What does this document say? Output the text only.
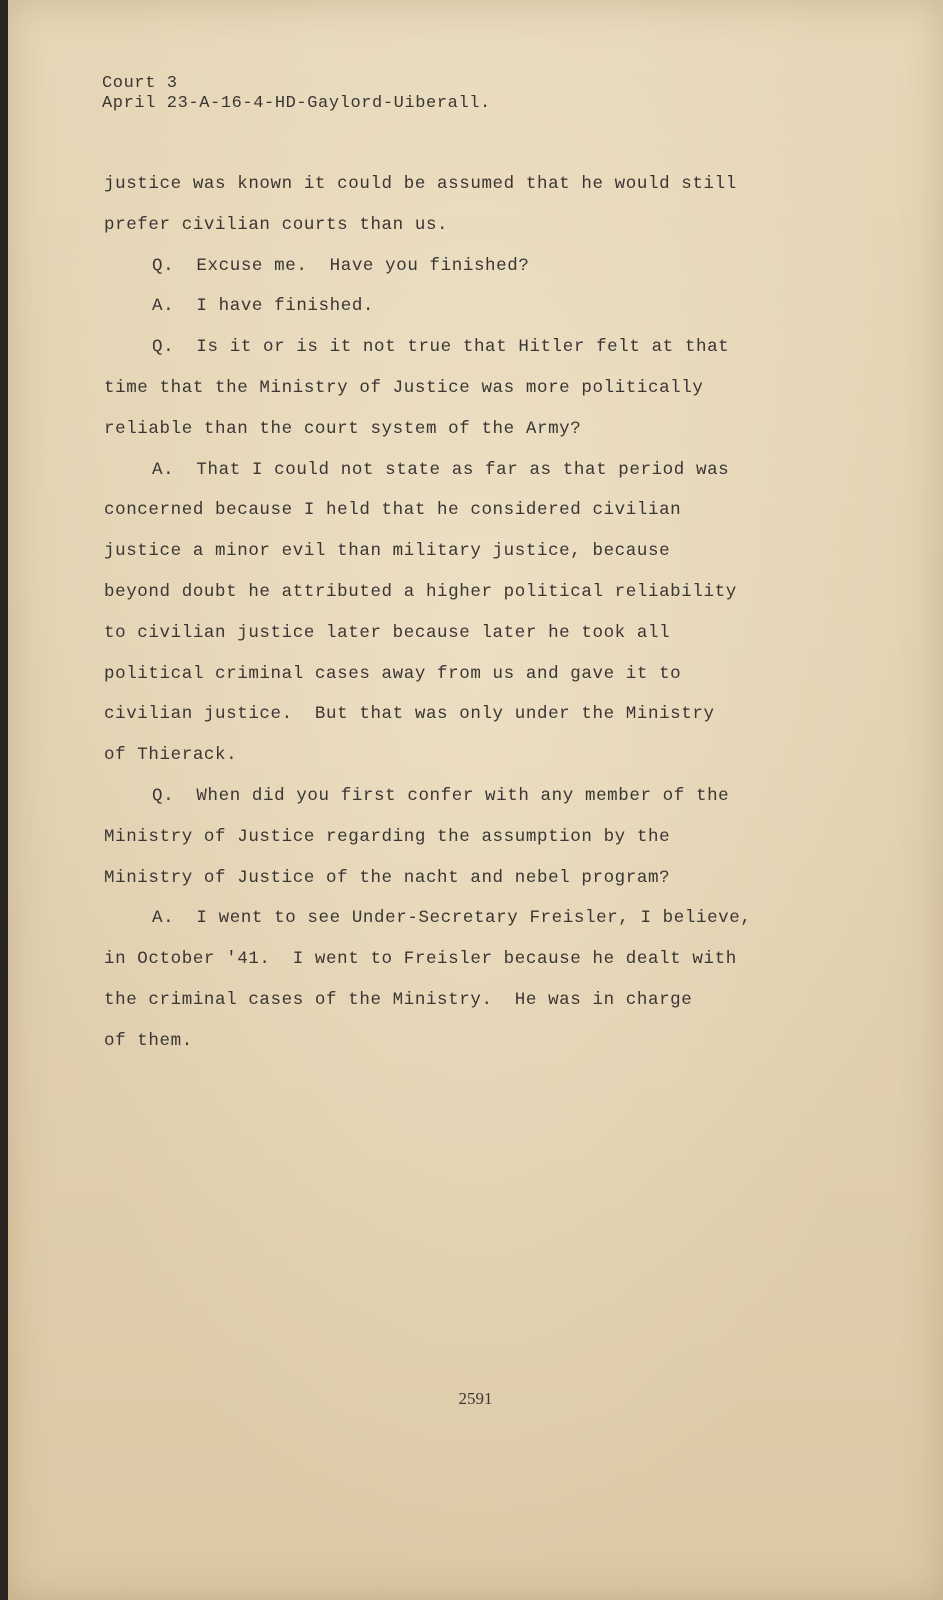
Court 3
April 23-A-16-4-HD-Gaylord-Uiberall.

justice was known it could be assumed that he would still

prefer civilian courts than us.

Q.  Excuse me.  Have you finished?

A.  I have finished.

Q.  Is it or is it not true that Hitler felt at that

time that the Ministry of Justice was more politically

reliable than the court system of the Army?

A.  That I could not state as far as that period was

concerned because I held that he considered civilian

justice a minor evil than military justice, because

beyond doubt he attributed a higher political reliability

to civilian justice later because later he took all

political criminal cases away from us and gave it to

civilian justice.  But that was only under the Ministry

of Thierack.

Q.  When did you first confer with any member of the

Ministry of Justice regarding the assumption by the

Ministry of Justice of the nacht and nebel program?

A.  I went to see Under-Secretary Freisler, I believe,

in October '41.  I went to Freisler because he dealt with

the criminal cases of the Ministry.  He was in charge

of them.

2591
